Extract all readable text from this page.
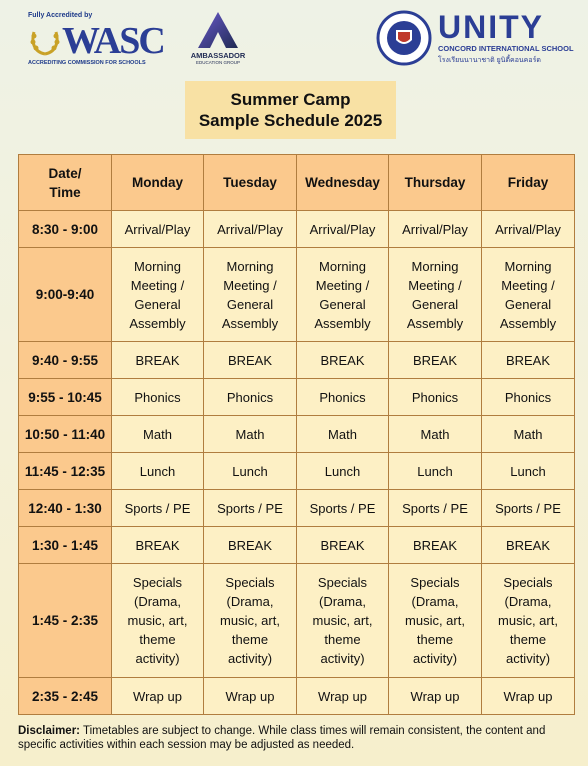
Fully Accredited by
WASC
ACCREDITING COMMISSION FOR SCHOOLS
AMBASSADOR
EDUCATION GROUP
UNITY
CONCORD INTERNATIONAL SCHOOL
โรงเรียนนานาชาติ ยูนิตี้คอนคอร์ด
Summer Camp
Sample Schedule 2025
Date/
Time	Monday	Tuesday	Wednesday	Thursday	Friday
8:30 - 9:00	Arrival/Play	Arrival/Play	Arrival/Play	Arrival/Play	Arrival/Play
9:00-9:40	Morning
Meeting /
General
Assembly	Morning
Meeting /
General
Assembly	Morning
Meeting /
General
Assembly	Morning
Meeting /
General
Assembly	Morning
Meeting /
General
Assembly
9:40 - 9:55	BREAK	BREAK	BREAK	BREAK	BREAK
9:55 - 10:45	Phonics	Phonics	Phonics	Phonics	Phonics
10:50 - 11:40	Math	Math	Math	Math	Math
11:45 - 12:35	Lunch	Lunch	Lunch	Lunch	Lunch
12:40 - 1:30	Sports / PE	Sports / PE	Sports / PE	Sports / PE	Sports / PE
1:30 - 1:45	BREAK	BREAK	BREAK	BREAK	BREAK
1:45 - 2:35	Specials
(Drama,
music, art,
theme
activity)	Specials
(Drama,
music, art,
theme
activity)	Specials
(Drama,
music, art,
theme
activity)	Specials
(Drama,
music, art,
theme
activity)	Specials
(Drama,
music, art,
theme
activity)
2:35 - 2:45	Wrap up	Wrap up	Wrap up	Wrap up	Wrap up
Disclaimer: Timetables are subject to change. While class times will remain consistent, the content and specific activities within each session may be adjusted as needed.
